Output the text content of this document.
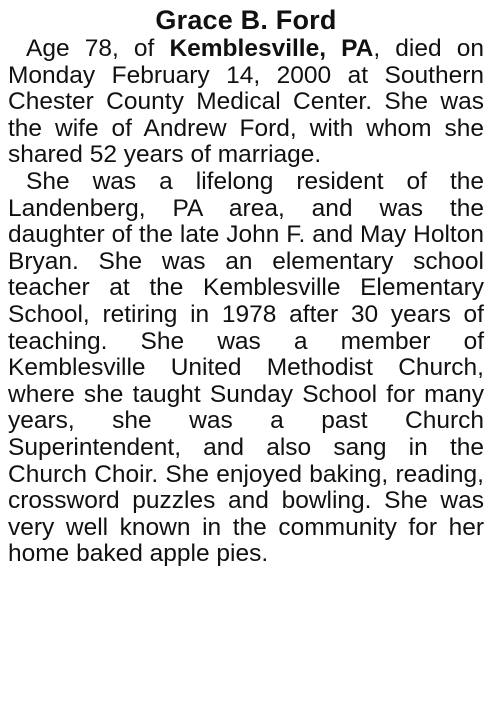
Grace B. Ford

Age 78, of Kemblesville, PA, died on Monday February 14, 2000 at Southern Chester County Medical Center. She was the wife of Andrew Ford, with whom she shared 52 years of marriage.

She was a lifelong resident of the Landenberg, PA area, and was the daughter of the late John F. and May Holton Bryan. She was an elementary school teacher at the Kemblesville Elementary School, retiring in 1978 after 30 years of teaching. She was a member of Kemblesville United Methodist Church, where she taught Sunday School for many years, she was a past Church Superintendent, and also sang in the Church Choir. She enjoyed baking, reading, crossword puzzles and bowling. She was very well known in the community for her home baked apple pies.
